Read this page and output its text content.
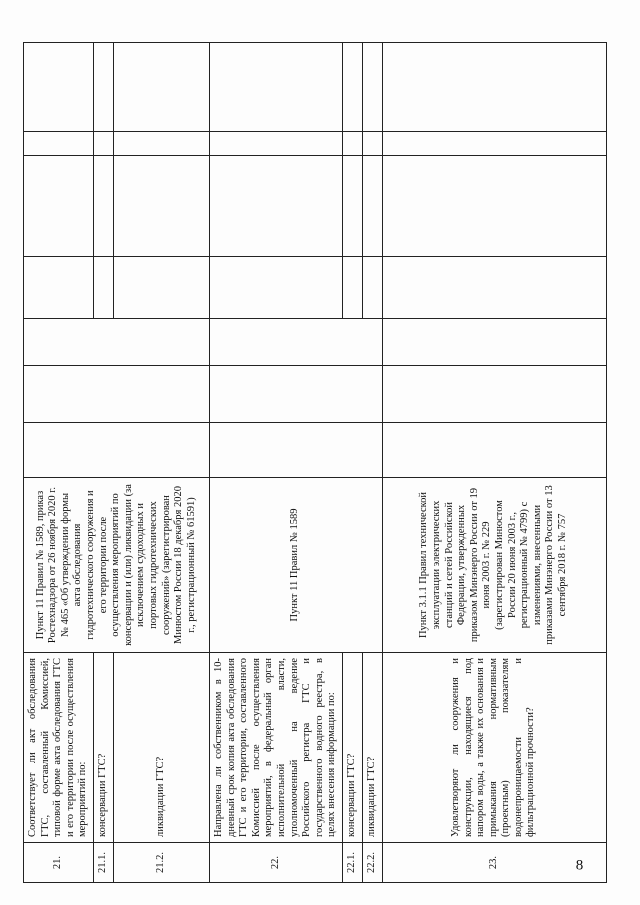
8
21.	Соответствует ли акт обследования ГТС, составленный Комиссией, типовой форме акта обследования ГТС и его территории после осуществления мероприятий по:	Пункт 11 Правил № 1589, приказ Ростехнадзора от 26 ноября 2020 г. № 465 «Об утверждении формы акта обследования гидротехнического сооружения и его территории после осуществления мероприятий по консервации и (или) ликвидации (за исключением судоходных и портовых гидротехнических сооружений» (зарегистрирован Минюстом России 18 декабря 2020 г., регистрационный № 61591)							
21.1.	консервации ГТС?								
21.2.	ликвидации ГТС?								
22.	Направлена ли собственником в 10-дневный срок копия акта обследования ГТС и его территории, составленного Комиссией после осуществления мероприятий, в федеральный орган исполнительной власти, уполномоченный на ведение Российского регистра ГТС и государственного водного реестра, в целях внесения информации по:	Пункт 11 Правил № 1589							
22.1.	консервации ГТС?								
22.2.	ликвидации ГТС?								
23.	Удовлетворяют ли сооружения и конструкции, находящиеся под напором воды, а также их основания и примыкания нормативным (проектным) показателям водонепроницаемости и фильтрационной прочности?	Пункт 3.1.1 Правил технической эксплуатации электрических станций и сетей Российской Федерации, утвержденных приказом Минэнерго России от 19 июня 2003 г. № 229 (зарегистрирован Минюстом России 20 июня 2003 г., регистрационный № 4799) с изменениями, внесенными приказами Минэнерго России от 13 сентября 2018 г. № 757							
